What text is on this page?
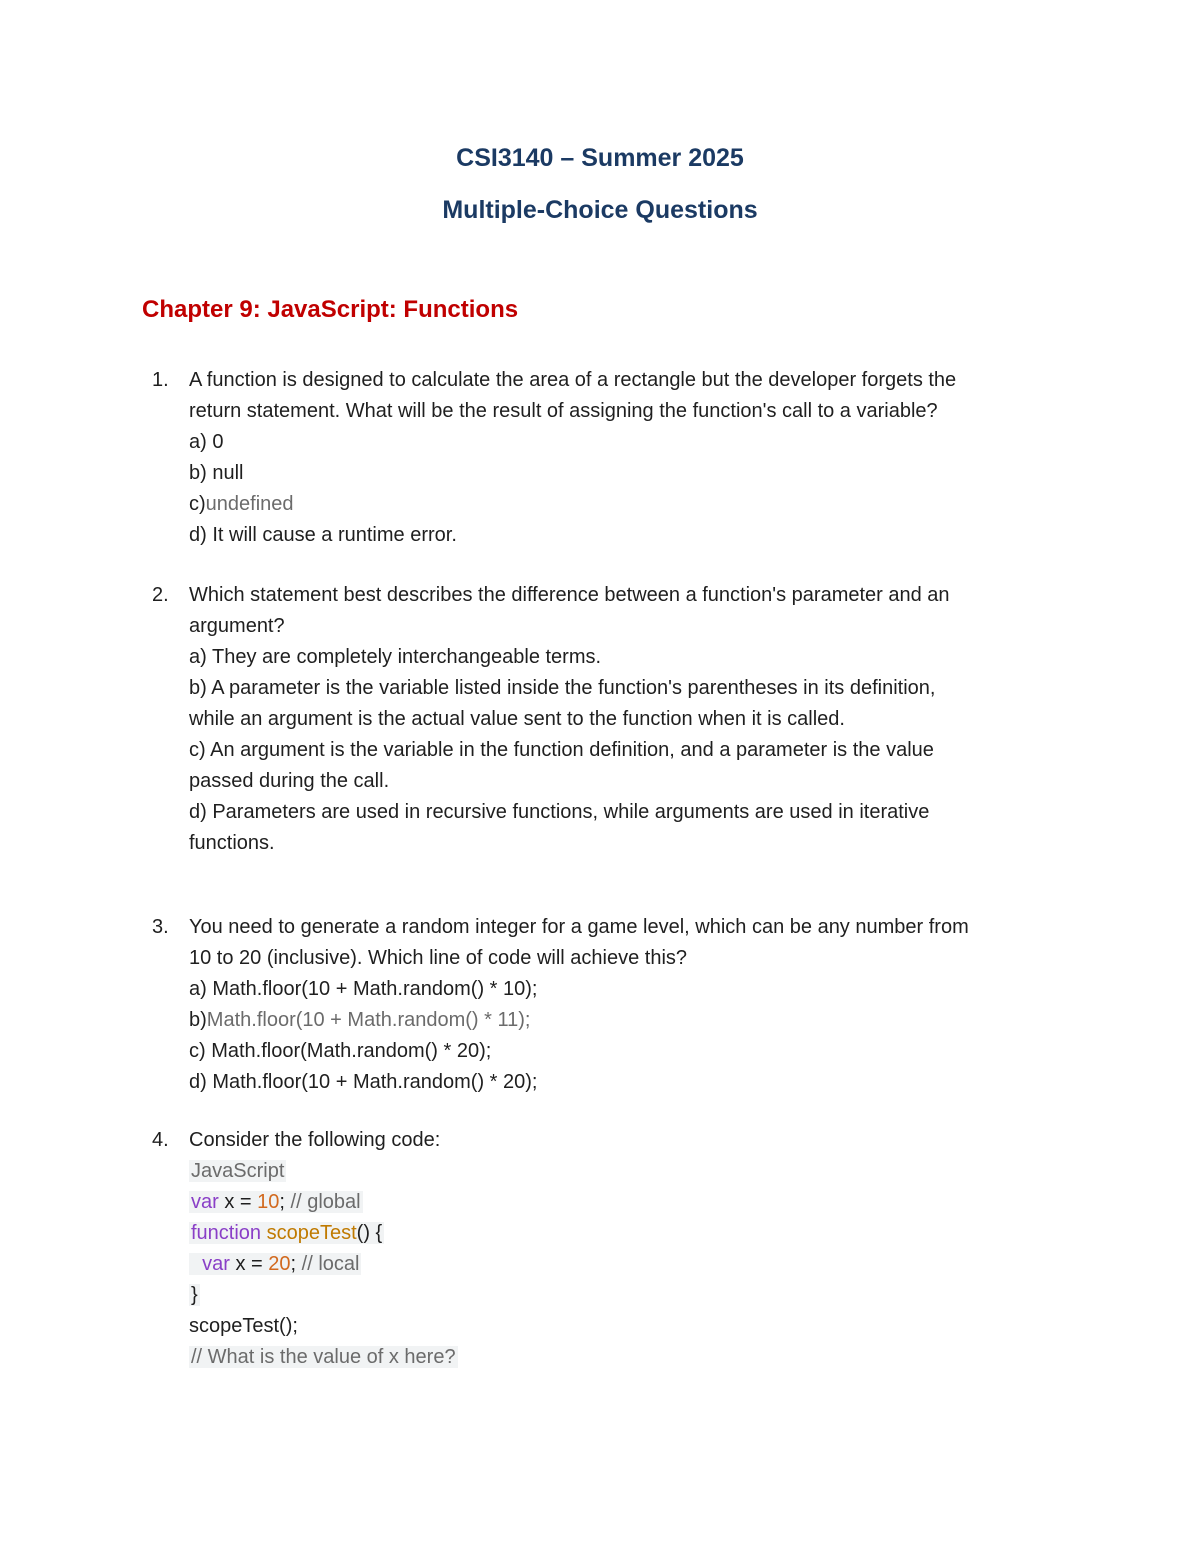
CSI3140 – Summer 2025
Multiple-Choice Questions
Chapter 9: JavaScript: Functions
1.	A function is designed to calculate the area of a rectangle but the developer forgets the
return statement. What will be the result of assigning the function's call to a variable?
a) 0
b) null
c)undefined
d) It will cause a runtime error.
2.	Which statement best describes the difference between a function's parameter and an
argument?
a) They are completely interchangeable terms.
b) A parameter is the variable listed inside the function's parentheses in its definition,
while an argument is the actual value sent to the function when it is called.
c) An argument is the variable in the function definition, and a parameter is the value
passed during the call.
d) Parameters are used in recursive functions, while arguments are used in iterative
functions.
3.	You need to generate a random integer for a game level, which can be any number from
10 to 20 (inclusive). Which line of code will achieve this?
a) Math.floor(10 + Math.random() * 10);
b)Math.floor(10 + Math.random() * 11);
c) Math.floor(Math.random() * 20);
d) Math.floor(10 + Math.random() * 20);
4.	Consider the following code:
JavaScript
var x = 10; // global
function scopeTest() {
var x = 20; // local
}
scopeTest();
// What is the value of x here?
